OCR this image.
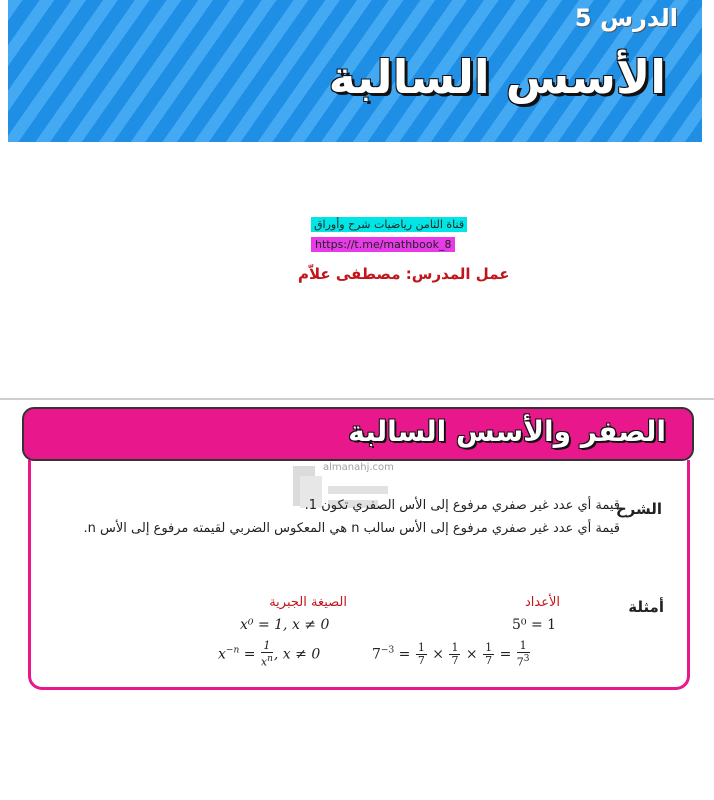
الدرس 5
الأسس السالبة
قناة الثامن رياضيات شرح وأوراق
https://t.me/mathbook_8
عمل المدرس: مصطفى علاّم
الصفر والأسس السالبة
almanahj.com
الشرح
قيمة أي عدد غير صفري مرفوع إلى الأس الصفري تكون 1.
قيمة أي عدد غير صفري مرفوع إلى الأس سالب n هي المعكوس الضربي لقيمته مرفوع إلى الأس n.
أمثلة
الأعداد
الصيغة الجبرية
5⁰ = 1
x⁰ = 1, x ≠ 0
$7^{-3} = \frac{1}{7} \times \frac{1}{7} \times \frac{1}{7} = \frac{1}{7^3}$
$x^{-n} = \frac{1}{x^n}$ , x ≠ 0
